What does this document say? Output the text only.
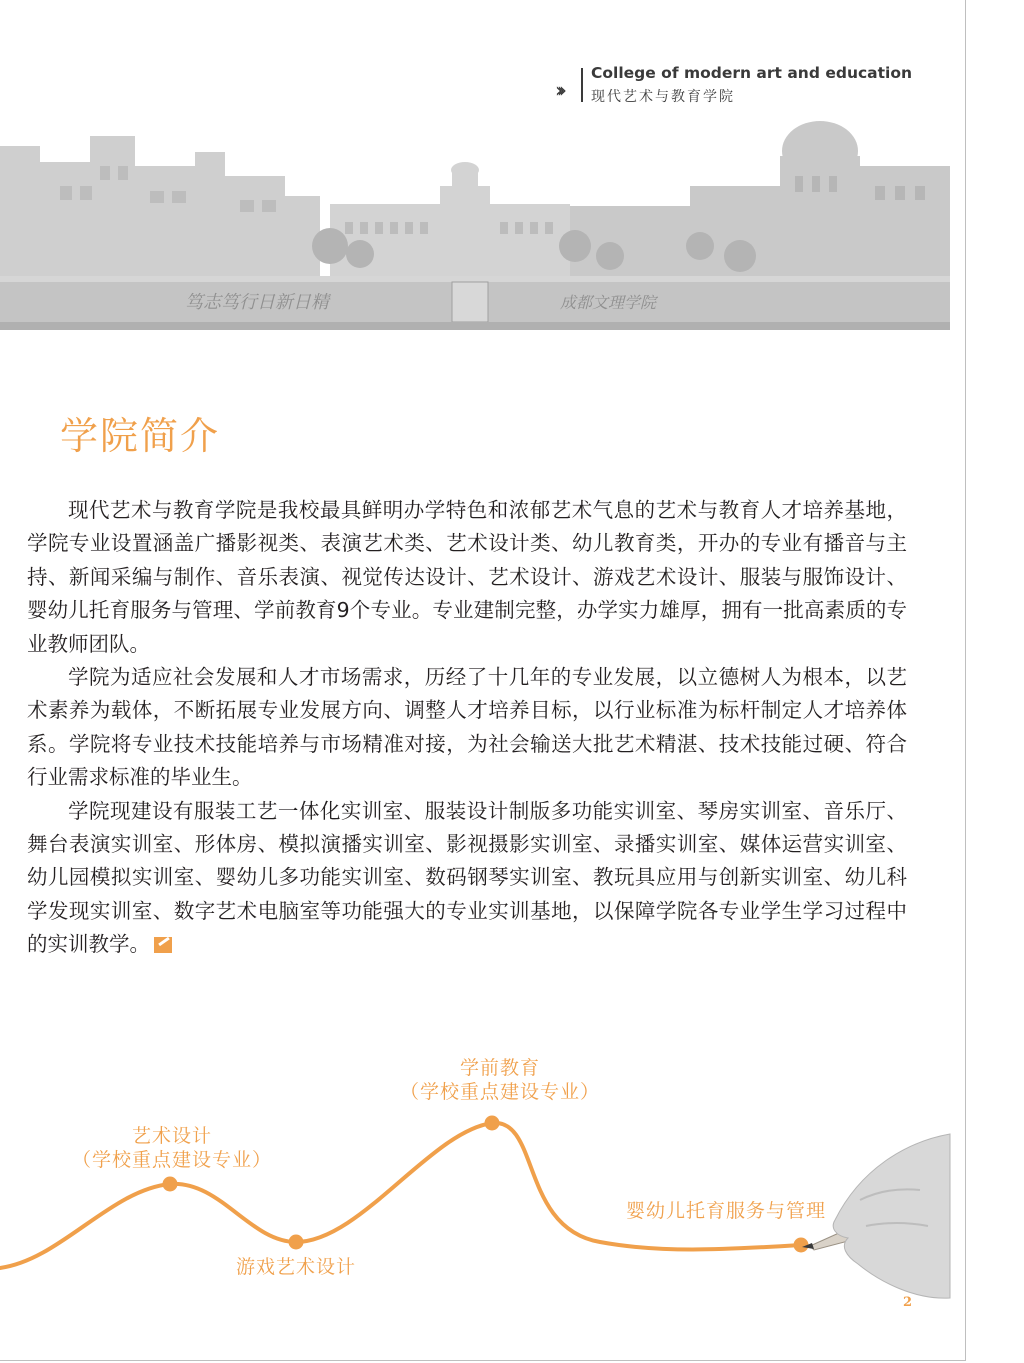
›››
College of modern art and education
现代艺术与教育学院
笃志笃行日新日精	成都文理学院
学院简介

现代艺术与教育学院是我校最具鲜明办学特色和浓郁艺术气息的艺术与教育人才培养基地，学院专业设置涵盖广播影视类、表演艺术类、艺术设计类、幼儿教育类，开办的专业有播音与主持、新闻采编与制作、音乐表演、视觉传达设计、艺术设计、游戏艺术设计、服装与服饰设计、婴幼儿托育服务与管理、学前教育9个专业。专业建制完整，办学实力雄厚，拥有一批高素质的专业教师团队。

学院为适应社会发展和人才市场需求，历经了十几年的专业发展，以立德树人为根本，以艺术素养为载体，不断拓展专业发展方向、调整人才培养目标，以行业标准为标杆制定人才培养体系。学院将专业技术技能培养与市场精准对接，为社会输送大批艺术精湛、技术技能过硬、符合行业需求标准的毕业生。

学院现建设有服装工艺一体化实训室、服装设计制版多功能实训室、琴房实训室、音乐厅、舞台表演实训室、形体房、模拟演播实训室、影视摄影实训室、录播实训室、媒体运营实训室、幼儿园模拟实训室、婴幼儿多功能实训室、数码钢琴实训室、教玩具应用与创新实训室、幼儿科学发现实训室、数字艺术电脑室等功能强大的专业实训基地，以保障学院各专业学生学习过程中的实训教学。

艺术设计
（学校重点建设专业）
游戏艺术设计
学前教育
（学校重点建设专业）
婴幼儿托育服务与管理
2
